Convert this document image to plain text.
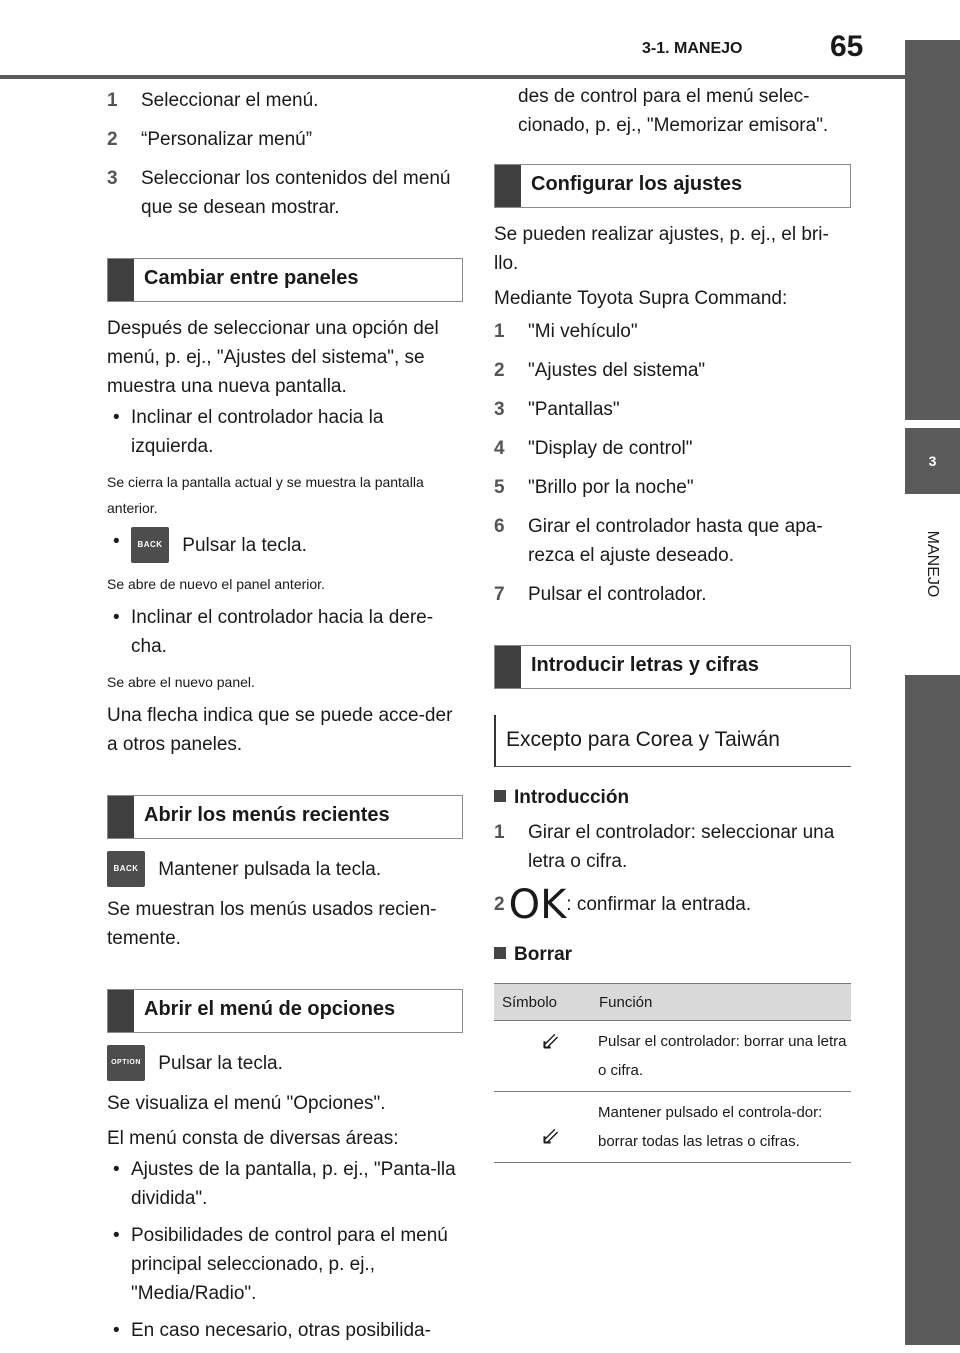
3-1. MANEJO	65
3
MANEJO
1 Seleccionar el menú.
2 “Personalizar menú”
3 Seleccionar los contenidos del menú que se desean mostrar.
Cambiar entre paneles

Después de seleccionar una opción del menú, p. ej., "Ajustes del sistema", se muestra una nueva pantalla.

• Inclinar el controlador hacia la izquierda.

Se cierra la pantalla actual y se muestra la pantalla anterior.

• BACK Pulsar la tecla.

Se abre de nuevo el panel anterior.

• Inclinar el controlador hacia la dere-cha.

Se abre el nuevo panel.

Una flecha indica que se puede acce-der a otros paneles.

Abrir los menús recientes
BACK Mantener pulsada la tecla.

Se muestran los menús usados recien-temente.

Abrir el menú de opciones
OPTION Pulsar la tecla.

Se visualiza el menú "Opciones".

El menú consta de diversas áreas:

• Ajustes de la pantalla, p. ej., "Panta-lla dividida".
• Posibilidades de control para el menú principal seleccionado, p. ej., "Media/Radio".
• En caso necesario, otras posibilida-

des de control para el menú selec-cionado, p. ej., "Memorizar emisora".

Configurar los ajustes

Se pueden realizar ajustes, p. ej., el bri-llo.

Mediante Toyota Supra Command:

1 "Mi vehículo"
2 "Ajustes del sistema"
3 "Pantallas"
4 "Display de control"
5 "Brillo por la noche"
6 Girar el controlador hasta que apa-rezca el ajuste deseado.
7 Pulsar el controlador.
Introducir letras y cifras
Excepto para Corea y Taiwán
Introducción
1 Girar el controlador: seleccionar una letra o cifra.
2 OK: confirmar la entrada.
Borrar
Símbolo	Función
⇙	Pulsar el controlador: borrar una letra o cifra.
⇙	Mantener pulsado el controla-dor: borrar todas las letras o cifras.
